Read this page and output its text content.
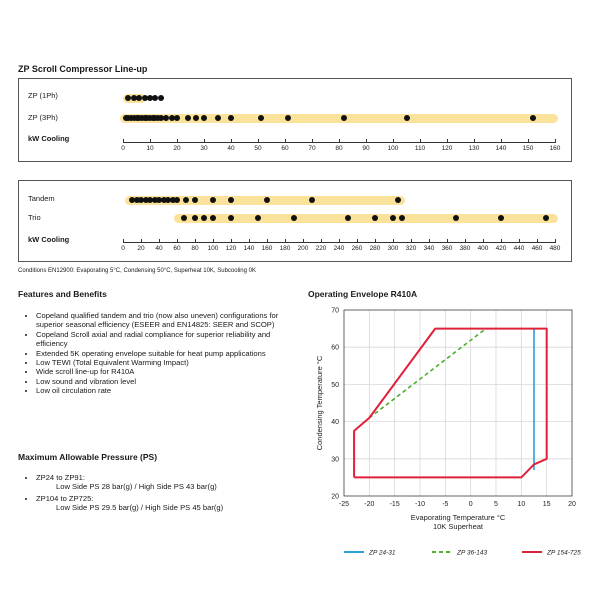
ZP Scroll Compressor Line-up
ZP (1Ph)
ZP (3Ph)
kW Cooling
0	10	20	30	40	50	60	70	80	90	100	110	120 130 140 150 160
Tandem
Trio
kW Cooling
0 20 40 60 80 100 120 140 160 180 200 220 240 260 280 300 320 340 360 380 400 420 440 460 480
Conditions EN12900: Evaporating 5°C, Condensing 50°C, Superheat 10K, Subcooling 0K
Features and Benefits
• Copeland qualified tandem and trio (now also uneven) configurations for superior seasonal efficiency (ESEER and EN14825: SEER and SCOP)
• Copeland Scroll axial and radial compliance for superior reliability and efficiency
• Extended 5K operating envelope suitable for heat pump applications
• Low TEWI (Total Equivalent Warming Impact)
• Wide scroll line-up for R410A
• Low sound and vibration level
• Low oil circulation rate
Maximum Allowable Pressure (PS)
• ZP24 to ZP91:
Low Side PS 28 bar(g) / High Side PS 43 bar(g)
• ZP104 to ZP725:
Low Side PS 29.5 bar(g) / High Side PS 45 bar(g)
Operating Envelope R410A
-25 -20 -15 -10 -5	0	5	10	15	20
20
30
40
50
60
70
Evaporating Temperature °C
10K Superheat
Condensing Temperature °C
ZP 24-31	ZP 36-143	ZP 154-725
